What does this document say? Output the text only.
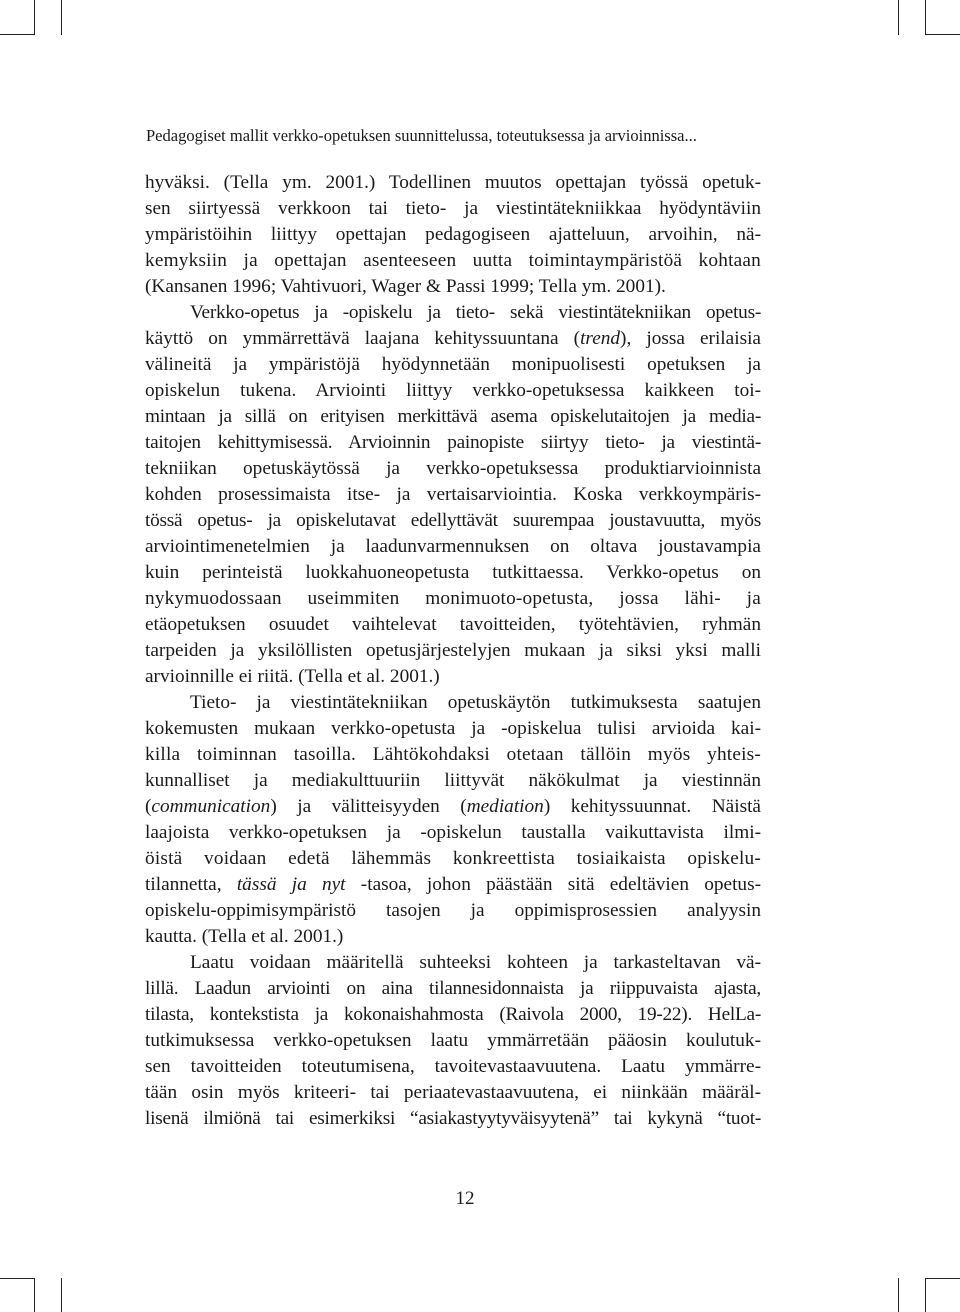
Pedagogiset mallit verkko-opetuksen suunnittelussa, toteutuksessa ja arvioinnissa...
hyväksi. (Tella ym. 2001.) Todellinen muutos opettajan työssä opetuk-
sen siirtyessä verkkoon tai tieto- ja viestintätekniikkaa hyödyntäviin
ympäristöihin liittyy opettajan pedagogiseen ajatteluun, arvoihin, nä-
kemyksiin ja opettajan asenteeseen uutta toimintaympäristöä kohtaan
(Kansanen 1996; Vahtivuori, Wager & Passi 1999; Tella ym. 2001).
Verkko-opetus ja -opiskelu ja tieto- sekä viestintätekniikan opetus-
käyttö on ymmärrettävä laajana kehityssuuntana (trend), jossa erilaisia
välineitä ja ympäristöjä hyödynnetään monipuolisesti opetuksen ja
opiskelun tukena. Arviointi liittyy verkko-opetuksessa kaikkeen toi-
mintaan ja sillä on erityisen merkittävä asema opiskelutaitojen ja media-
taitojen kehittymisessä. Arvioinnin painopiste siirtyy tieto- ja viestintä-
tekniikan opetuskäytössä ja verkko-opetuksessa produktiarvioinnista
kohden prosessimaista itse- ja vertaisarviointia. Koska verkkoympäris-
tössä opetus- ja opiskelutavat edellyttävät suurempaa joustavuutta, myös
arviointimenetelmien ja laadunvarmennuksen on oltava joustavampia
kuin perinteistä luokkahuoneopetusta tutkittaessa. Verkko-opetus on
nykymuodossaan useimmiten monimuoto-opetusta, jossa lähi- ja
etäopetuksen osuudet vaihtelevat tavoitteiden, työtehtävien, ryhmän
tarpeiden ja yksilöllisten opetusjärjestelyjen mukaan ja siksi yksi malli
arvioinnille ei riitä. (Tella et al. 2001.)
Tieto- ja viestintätekniikan opetuskäytön tutkimuksesta saatujen
kokemusten mukaan verkko-opetusta ja -opiskelua tulisi arvioida kai-
killa toiminnan tasoilla. Lähtökohdaksi otetaan tällöin myös yhteis-
kunnalliset ja mediakulttuuriin liittyvät näkökulmat ja viestinnän
(communication) ja välitteisyyden (mediation) kehityssuunnat. Näistä
laajoista verkko-opetuksen ja -opiskelun taustalla vaikuttavista ilmi-
öistä voidaan edetä lähemmäs konkreettista tosiaikaista opiskelu-
tilannetta, tässä ja nyt -tasoa, johon päästään sitä edeltävien opetus-
opiskelu-oppimisympäristö tasojen ja oppimisprosessien analyysin
kautta. (Tella et al. 2001.)
Laatu voidaan määritellä suhteeksi kohteen ja tarkasteltavan vä-
lillä. Laadun arviointi on aina tilannesidonnaista ja riippuvaista ajasta,
tilasta, kontekstista ja kokonaishahmosta (Raivola 2000, 19-22). HelLa-
tutkimuksessa verkko-opetuksen laatu ymmärretään pääosin koulutuk-
sen tavoitteiden toteutumisena, tavoitevastaavuutena. Laatu ymmärre-
tään osin myös kriteeri- tai periaatevastaavuutena, ei niinkään määräl-
lisenä ilmiönä tai esimerkiksi “asiakastyytyväisyytenä” tai kykynä “tuot-
12
